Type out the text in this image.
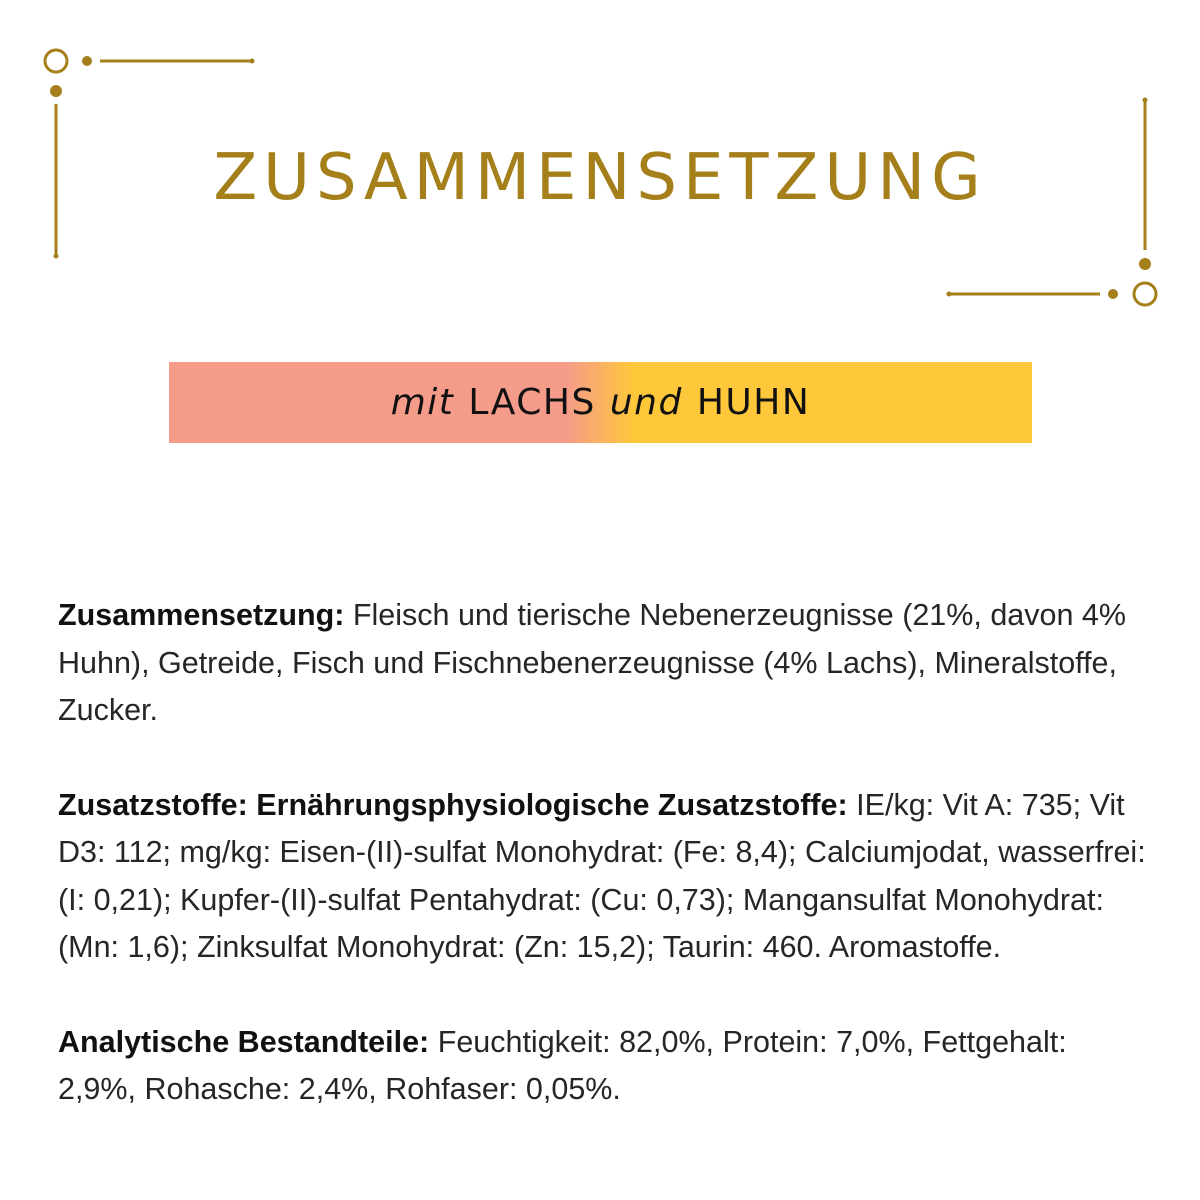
ZUSAMMENSETZUNG
mit LACHS und HUHN

Zusammensetzung: Fleisch und tierische Nebenerzeugnisse (21%, davon 4% Huhn), Getreide, Fisch und Fischnebenerzeugnisse (4% Lachs), Mineralstoffe, Zucker.

Zusatzstoffe: Ernährungsphysiologische Zusatzstoffe: IE/kg: Vit A: 735; Vit D3: 112; mg/kg: Eisen-(II)-sulfat Monohydrat: (Fe: 8,4); Calciumjodat, wasserfrei: (I: 0,21); Kupfer-(II)-sulfat Pentahydrat: (Cu: 0,73); Mangansulfat Monohydrat: (Mn: 1,6); Zinksulfat Monohydrat: (Zn: 15,2); Taurin: 460. Aromastoffe.

Analytische Bestandteile: Feuchtigkeit: 82,0%, Protein: 7,0%, Fettgehalt: 2,9%, Rohasche: 2,4%, Rohfaser: 0,05%.
